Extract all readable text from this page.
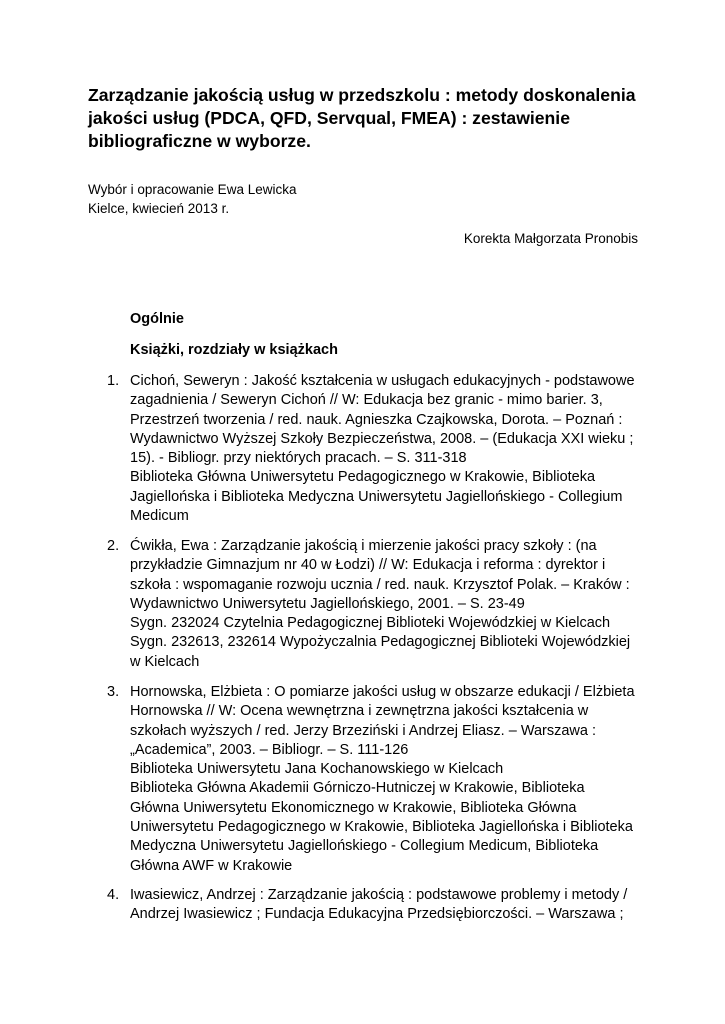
Zarządzanie jakością usług w przedszkolu : metody doskonalenia jakości usług (PDCA, QFD, Servqual, FMEA) : zestawienie bibliograficzne w wyborze.
Wybór i opracowanie Ewa Lewicka
Kielce, kwiecień 2013 r.
Korekta Małgorzata Pronobis
Ogólnie
Książki, rozdziały w książkach
1. Cichoń, Seweryn : Jakość kształcenia w usługach edukacyjnych - podstawowe
zagadnienia / Seweryn Cichoń // W: Edukacja bez granic - mimo barier. 3,
Przestrzeń tworzenia / red. nauk. Agnieszka Czajkowska, Dorota. – Poznań :
Wydawnictwo Wyższej Szkoły Bezpieczeństwa, 2008. – (Edukacja XXI wieku ;
15). - Bibliogr. przy niektórych pracach. – S. 311-318
Biblioteka Główna Uniwersytetu Pedagogicznego w Krakowie, Biblioteka
Jagiellońska i Biblioteka Medyczna Uniwersytetu Jagiellońskiego - Collegium
Medicum
2. Ćwikła, Ewa : Zarządzanie jakością i mierzenie jakości pracy szkoły : (na
przykładzie Gimnazjum nr 40 w Łodzi) // W: Edukacja i reforma : dyrektor i
szkoła : wspomaganie rozwoju ucznia / red. nauk. Krzysztof Polak. – Kraków :
Wydawnictwo Uniwersytetu Jagiellońskiego, 2001. – S. 23-49
Sygn. 232024 Czytelnia Pedagogicznej Biblioteki Wojewódzkiej w Kielcach
Sygn. 232613, 232614 Wypożyczalnia Pedagogicznej Biblioteki Wojewódzkiej
w Kielcach
3. Hornowska, Elżbieta : O pomiarze jakości usług w obszarze edukacji / Elżbieta
Hornowska // W: Ocena wewnętrzna i zewnętrzna jakości kształcenia w
szkołach wyższych / red. Jerzy Brzeziński i Andrzej Eliasz. – Warszawa :
„Academica”, 2003. – Bibliogr. – S. 111-126
Biblioteka Uniwersytetu Jana Kochanowskiego w Kielcach
Biblioteka Główna Akademii Górniczo-Hutniczej w Krakowie, Biblioteka
Główna Uniwersytetu Ekonomicznego w Krakowie, Biblioteka Główna
Uniwersytetu Pedagogicznego w Krakowie, Biblioteka Jagiellońska i Biblioteka
Medyczna Uniwersytetu Jagiellońskiego - Collegium Medicum, Biblioteka
Główna AWF w Krakowie
4. Iwasiewicz, Andrzej : Zarządzanie jakością : podstawowe problemy i metody /
Andrzej Iwasiewicz ; Fundacja Edukacyjna Przedsiębiorczości. – Warszawa ;
